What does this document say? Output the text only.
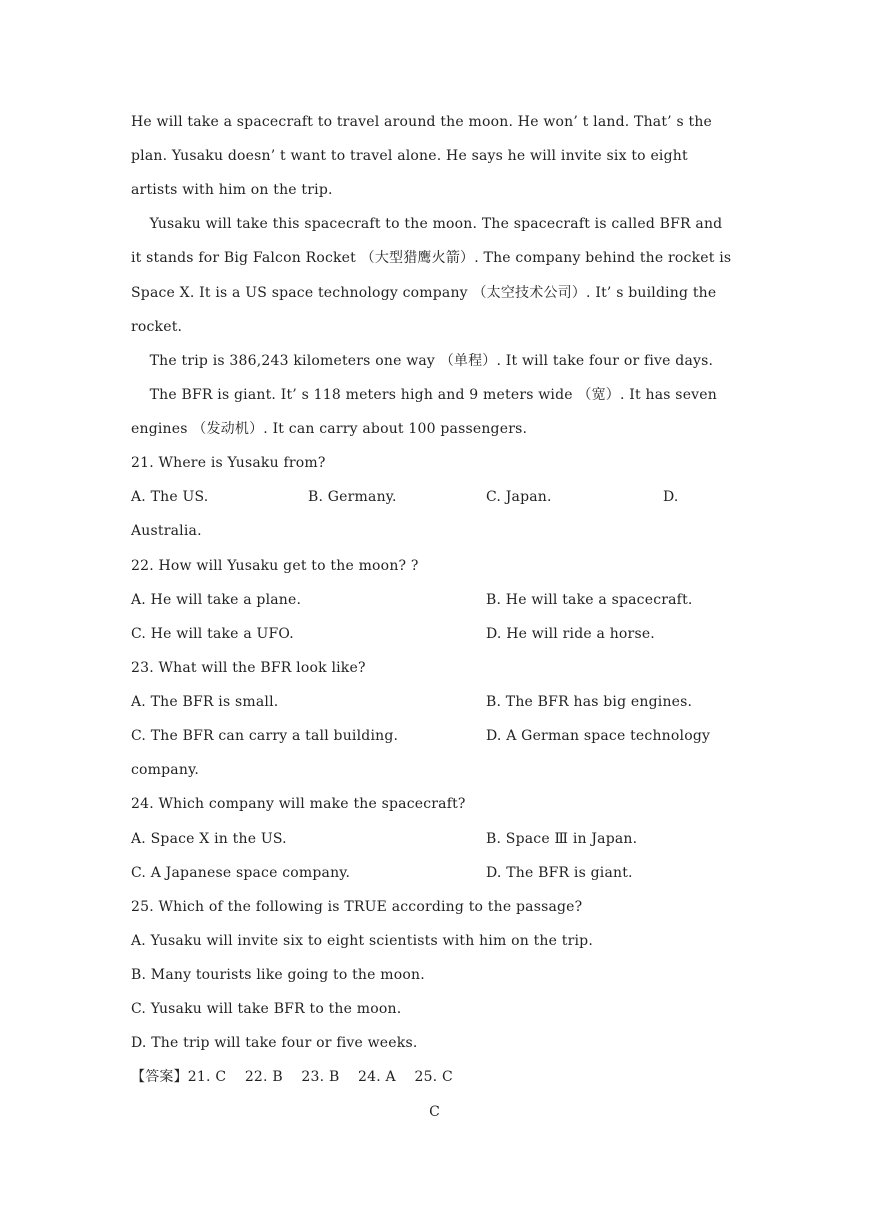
He will take a spacecraft to travel around the moon. He won’ t land. That’ s the
plan. Yusaku doesn’ t want to travel alone. He says he will invite six to eight
artists with him on the trip.
Yusaku will take this spacecraft to the moon. The spacecraft is called BFR and
it stands for Big Falcon Rocket （大型猎鹰火箭）. The company behind the rocket is
Space X. It is a US space technology company （太空技术公司）. It’ s building the
rocket.
The trip is 386,243 kilometers one way （单程）. It will take four or five days.
The BFR is giant. It’ s 118 meters high and 9 meters wide （宽）. It has seven
engines （发动机）. It can carry about 100 passengers.
21. Where is Yusaku from?
A. The US.	B. Germany.	C. Japan.	D.
Australia.
22. How will Yusaku get to the moon? ?
A. He will take a plane.	B. He will take a spacecraft.
C. He will take a UFO.	D. He will ride a horse.
23. What will the BFR look like?
A. The BFR is small.	B. The BFR has big engines.
C. The BFR can carry a tall building.	D. A German space technology
company.
24. Which company will make the spacecraft?
A. Space X in the US.	B. Space Ⅲ in Japan.
C. A Japanese space company.	D. The BFR is giant.
25. Which of the following is TRUE according to the passage?
A. Yusaku will invite six to eight scientists with him on the trip.
B. Many tourists like going to the moon.
C. Yusaku will take BFR to the moon.
D. The trip will take four or five weeks.
【答案】21. C    22. B    23. B    24. A    25. C
C
